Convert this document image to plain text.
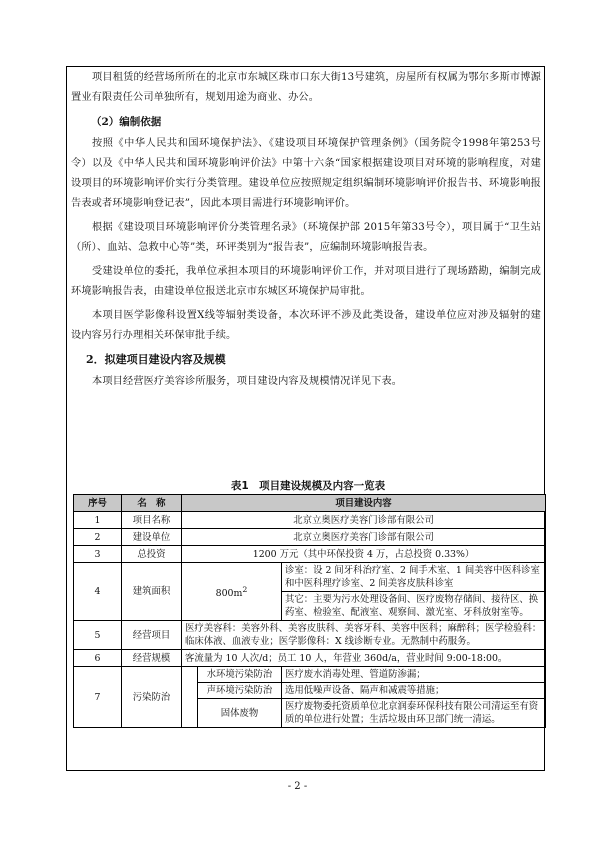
项目租赁的经营场所所在的北京市东城区珠市口东大街13号建筑，房屋所有权属为鄂尔多斯市博源置业有限责任公司单独所有，规划用途为商业、办公。

（2）编制依据

按照《中华人民共和国环境保护法》、《建设项目环境保护管理条例》（国务院令1998年第253号令）以及《中华人民共和国环境影响评价法》中第十六条“国家根据建设项目对环境的影响程度，对建设项目的环境影响评价实行分类管理。建设单位应按照规定组织编制环境影响评价报告书、环境影响报告表或者环境影响登记表”，因此本项目需进行环境影响评价。

根据《建设项目环境影响评价分类管理名录》（环境保护部 2015年第33号令），项目属于“卫生站（所）、血站、急救中心等”类，环评类别为“报告表”，应编制环境影响报告表。

受建设单位的委托，我单位承担本项目的环境影响评价工作，并对项目进行了现场踏勘，编制完成环境影响报告表，由建设单位报送北京市东城区环境保护局审批。

本项目医学影像科设置X线等辐射类设备，本次环评不涉及此类设备，建设单位应对涉及辐射的建设内容另行办理相关环保审批手续。

2．拟建项目建设内容及规模

本项目经营医疗美容诊所服务，项目建设内容及规模情况详见下表。

表1　项目建设规模及内容一览表
序号	名　称	项目建设内容		
1	项目名称	北京立奥医疗美容门诊部有限公司		
2	建设单位	北京立奥医疗美容门诊部有限公司		
3	总投资	1200 万元（其中环保投资 4 万，占总投资 0.33%）		
4	建筑面积	$800m^2$		诊室：设 2 间牙科治疗室、2 间手术室、1 间美容中医科诊室和中医科理疗诊室、2 间美容皮肤科诊室
				其它：主要为污水处理设备间、医疗废物存储间、接待区、换药室、检验室、配液室、观察间、激光室、牙科放射室等。
5	经营项目	医疗美容科：美容外科、美容皮肤科、美容牙科、美容中医科；麻醉科；医学检验科：临床体液、血液专业；医学影像科：X 线诊断专业。无熬制中药服务。		
6	经营规模	客流量为 10 人次/d；员工 10 人，年营业 360d/a，营业时间 9:00-18:00。		
7	污染防治		水环境污染防治	医疗废水消毒处理、管道防渗漏；
			声环境污染防治	选用低噪声设备、隔声和减震等措施；
			固体废物	医疗废物委托资质单位北京润泰环保科技有限公司清运至有资质的单位进行处置；生活垃圾由环卫部门统一清运。
- 2 -
